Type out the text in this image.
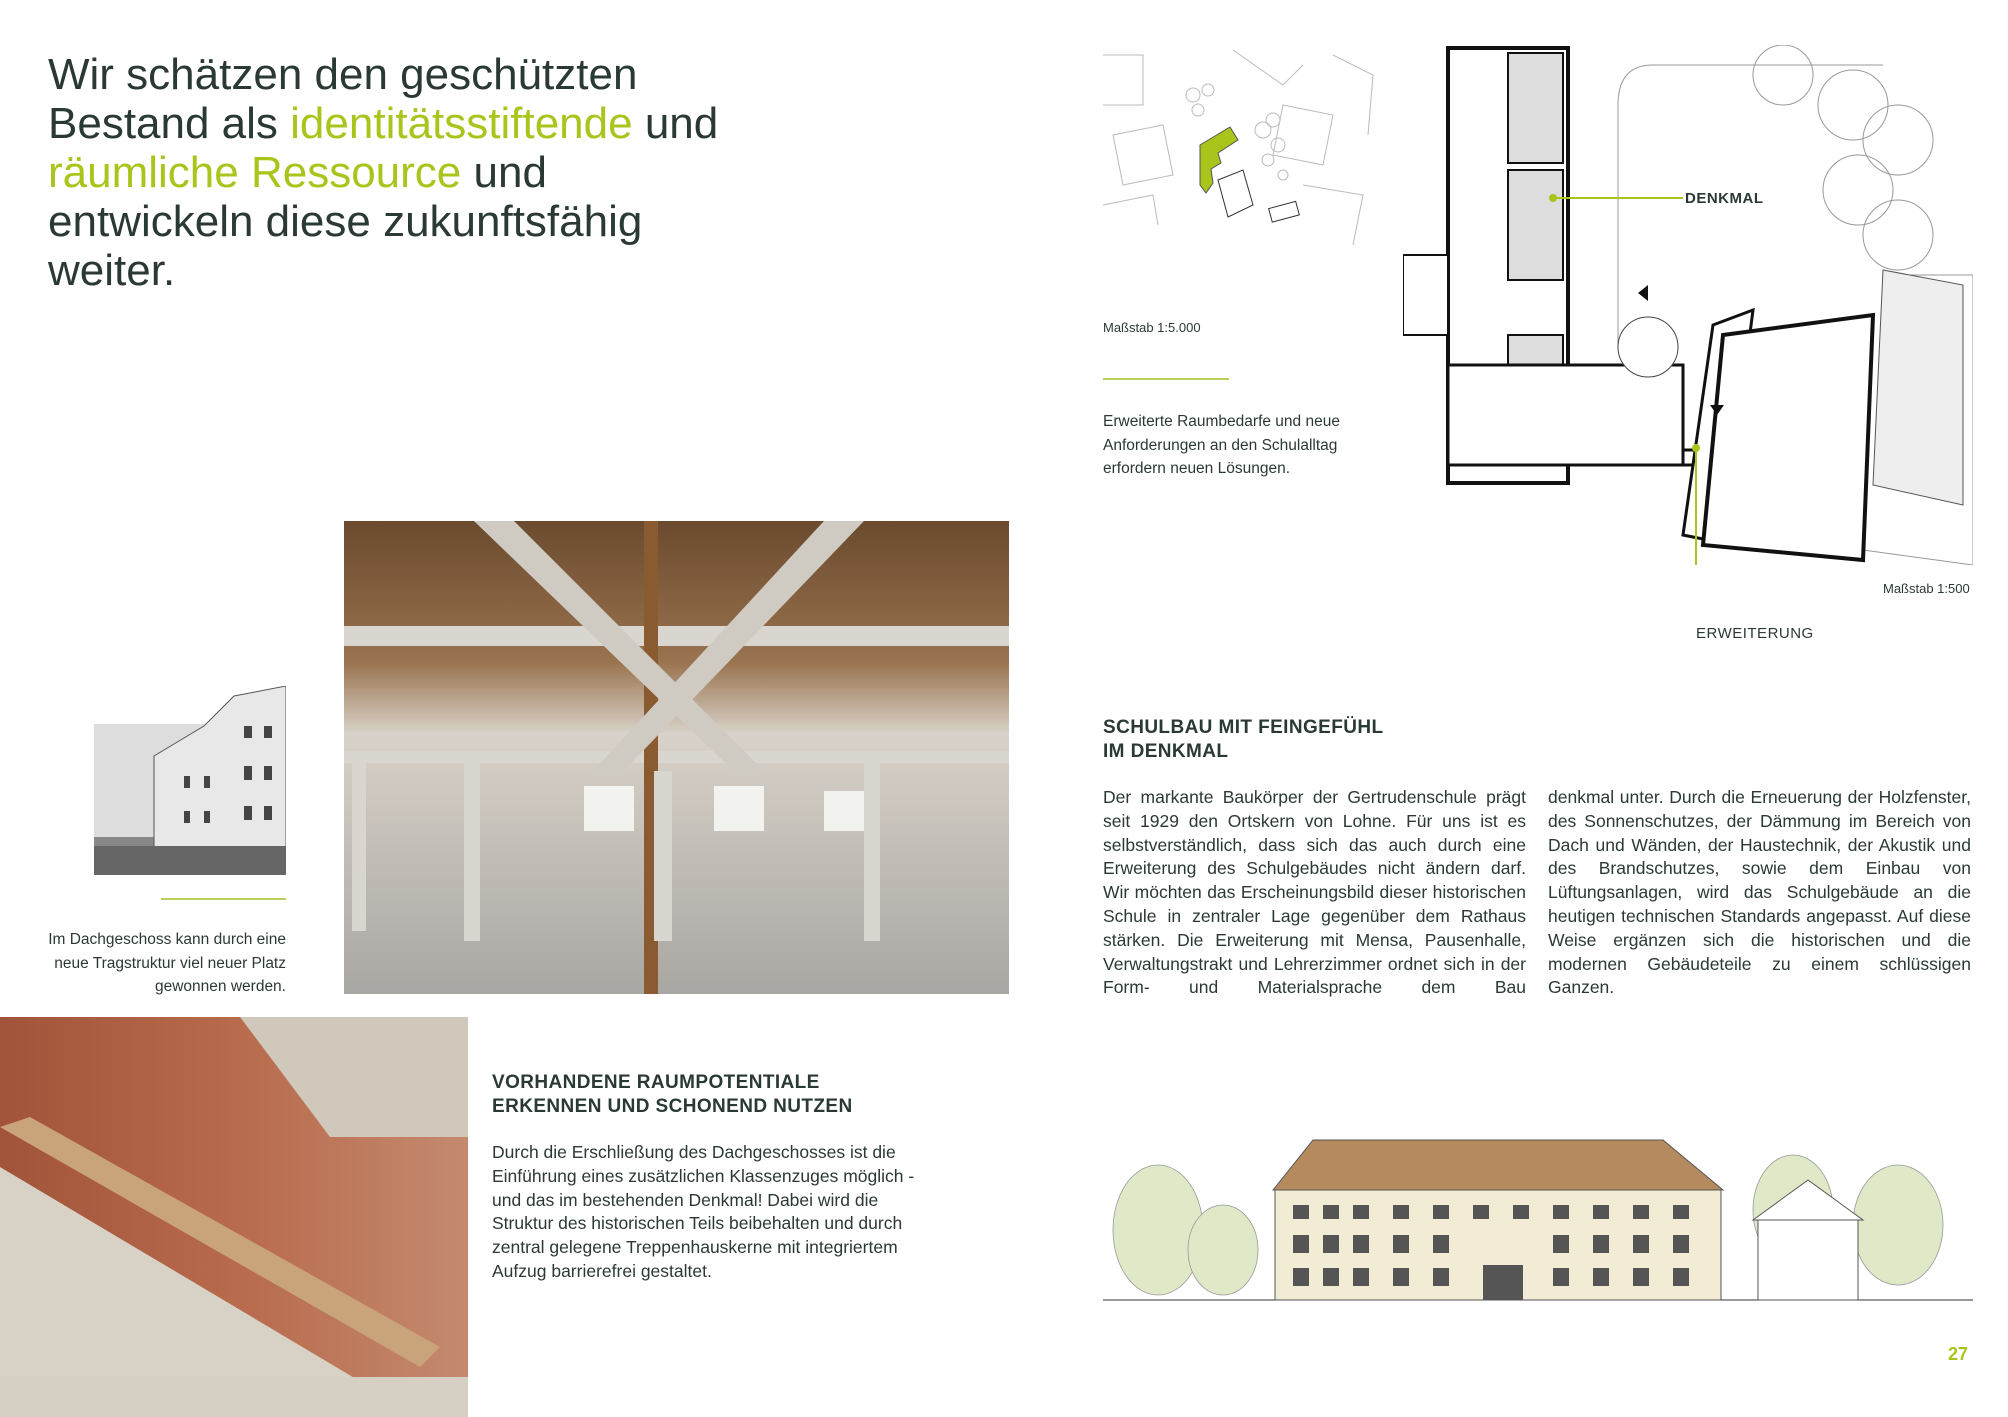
Wir schätzen den geschützten Bestand als identitätsstiftende und räumliche Ressource und entwickeln diese zukunftsfähig weiter.
Maßstab 1:5.000
Erweiterte Raumbedarfe und neue Anforderungen an den Schulalltag erfordern neuen Lösungen.
DENKMAL
Maßstab 1:500
ERWEITERUNG
SCHULBAU MIT FEINGEFÜHL
IM DENKMAL
Der markante Baukörper der Gertrudenschule prägt seit 1929 den Ortskern von Lohne. Für uns ist es selbstverständlich, dass sich das auch durch eine Erweiterung des Schulgebäudes nicht ändern darf. Wir möchten das Erscheinungsbild dieser historischen Schule in zentraler Lage gegenüber dem Rathaus stärken. Die Erweiterung mit Mensa, Pausenhalle, Verwaltungstrakt und Lehrerzimmer ordnet sich in der Form- und Materialsprache dem Bau
denkmal unter. Durch die Erneuerung der Holzfenster, des Sonnenschutzes, der Dämmung im Bereich von Dach und Wänden, der Haustechnik, der Akustik und des Brandschutzes, sowie dem Einbau von Lüftungsanlagen, wird das Schulgebäude an die heutigen technischen Standards angepasst. Auf diese Weise ergänzen sich die historischen und die modernen Gebäudeteile zu einem schlüssigen Ganzen.
Im Dachgeschoss kann durch eine neue Tragstruktur viel neuer Platz gewonnen werden.
VORHANDENE RAUMPOTENTIALE
ERKENNEN UND SCHONEND NUTZEN
Durch die Erschließung des Dachgeschosses ist die Einführung eines zusätzlichen Klassenzuges möglich - und das im bestehenden Denkmal! Dabei wird die Struktur des historischen Teils beibehalten und durch zentral gelegene Treppenhauskerne mit integriertem Aufzug barrierefrei gestaltet.
27
